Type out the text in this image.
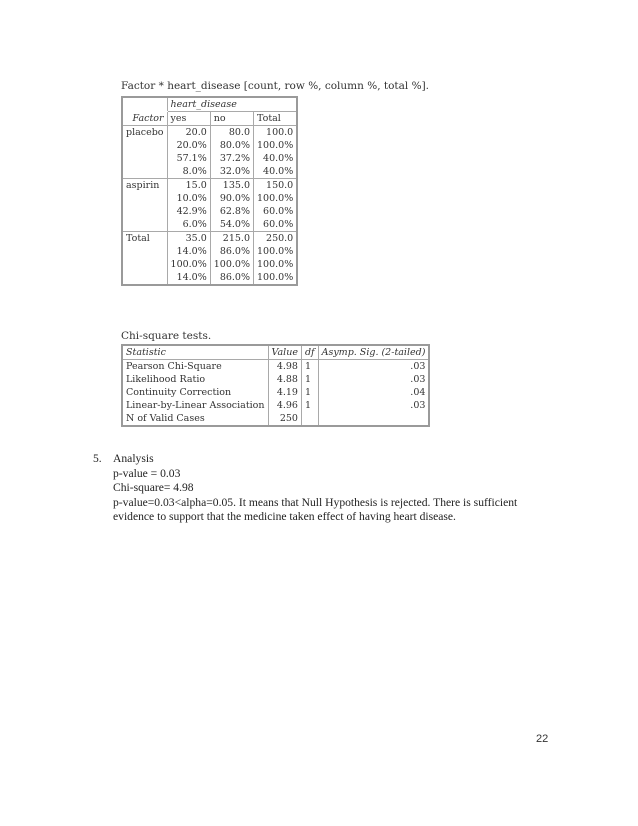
Factor * heart_disease [count, row %, column %, total %].
	heart_disease		
Factor	yes	no	Total
placebo	20.0	80.0	100.0
	20.0%	80.0%	100.0%
	57.1%	37.2%	40.0%
	8.0%	32.0%	40.0%
aspirin	15.0	135.0	150.0
	10.0%	90.0%	100.0%
	42.9%	62.8%	60.0%
	6.0%	54.0%	60.0%
Total	35.0	215.0	250.0
	14.0%	86.0%	100.0%
	100.0%	100.0%	100.0%
	14.0%	86.0%	100.0%
Chi-square tests.
Statistic	Value	df	Asymp. Sig. (2-tailed)
Pearson Chi-Square	4.98	1	.03
Likelihood Ratio	4.88	1	.03
Continuity Correction	4.19	1	.04
Linear-by-Linear Association	4.96	1	.03
N of Valid Cases	250		
5. Analysis
p-value = 0.03
Chi-square= 4.98
p-value=0.03<alpha=0.05. It means that Null Hypothesis is rejected. There is sufficient
evidence to support that the medicine taken effect of having heart disease.
22
